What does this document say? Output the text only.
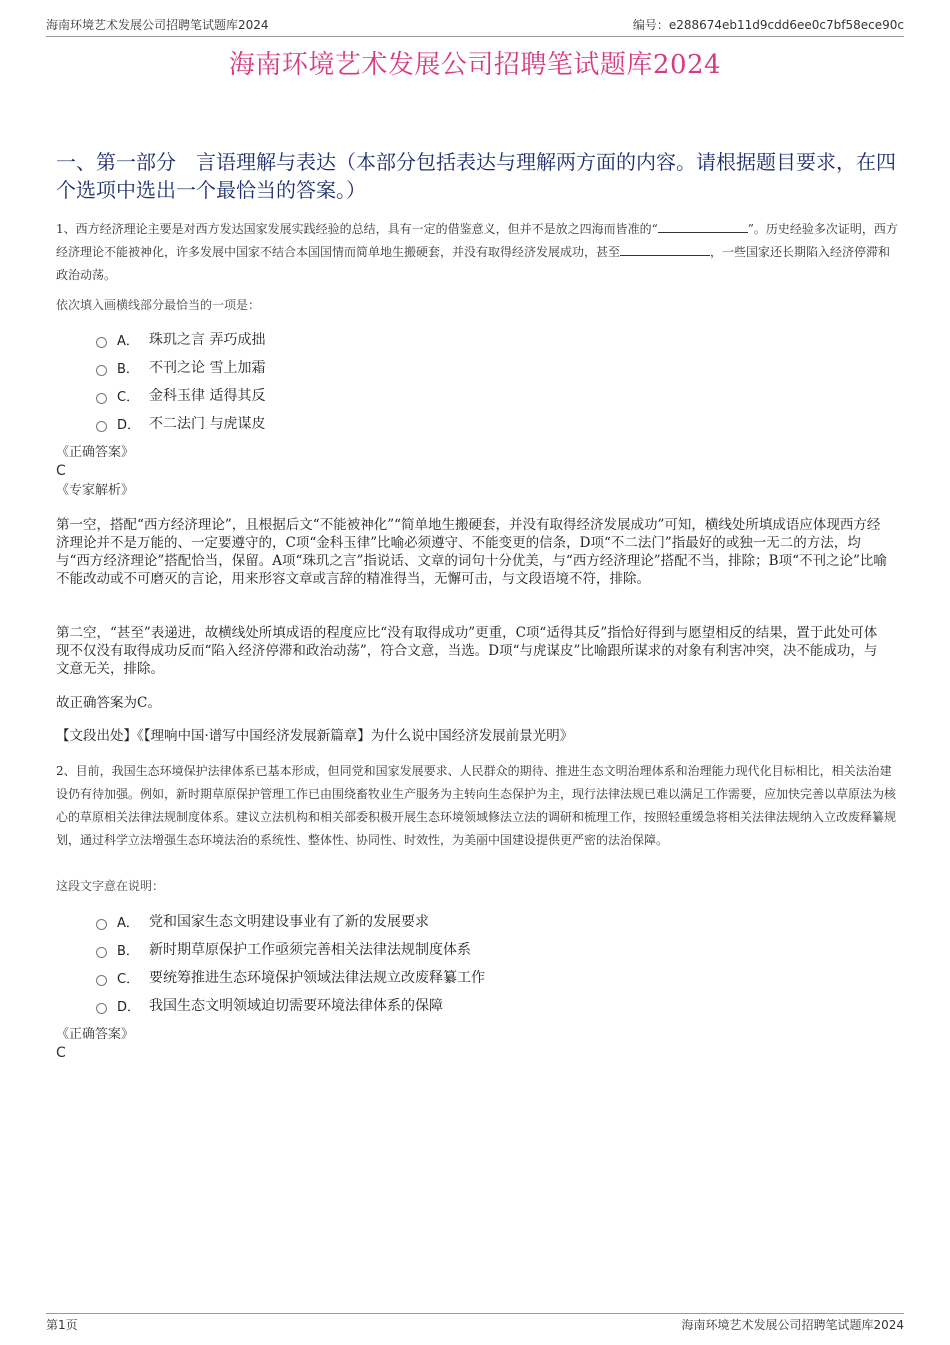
海南环境艺术发展公司招聘笔试题库2024	编号：e288674eb11d9cdd6ee0c7bf58ece90c
海南环境艺术发展公司招聘笔试题库2024
一、第一部分　言语理解与表达（本部分包括表达与理解两方面的内容。请根据题目要求，在四个选项中选出一个最恰当的答案。）
1、西方经济理论主要是对西方发达国家发展实践经验的总结，具有一定的借鉴意义，但并不是放之四海而皆准的“	”。历史经验多次证明，西方经济理论不能被神化，许多发展中国家不结合本国国情而简单地生搬硬套，并没有取得经济发展成功，甚至	，一些国家还长期陷入经济停滞和政治动荡。
依次填入画横线部分最恰当的一项是：
A． 珠玑之言 弄巧成拙
B． 不刊之论 雪上加霜
C． 金科玉律 适得其反
D． 不二法门 与虎谋皮
《正确答案》
C
《专家解析》
第一空，搭配“西方经济理论”，且根据后文“不能被神化”“简单地生搬硬套，并没有取得经济发展成功”可知，横线处所填成语应体现西方经济理论并不是万能的、一定要遵守的，C项“金科玉律”比喻必须遵守、不能变更的信条，D项“不二法门”指最好的或独一无二的方法，均与“西方经济理论”搭配恰当，保留。A项“珠玑之言”指说话、文章的词句十分优美，与“西方经济理论”搭配不当，排除；B项“不刊之论”比喻不能改动或不可磨灭的言论，用来形容文章或言辞的精准得当，无懈可击，与文段语境不符，排除。
第二空，“甚至”表递进，故横线处所填成语的程度应比“没有取得成功”更重，C项“适得其反”指恰好得到与愿望相反的结果，置于此处可体现不仅没有取得成功反而“陷入经济停滞和政治动荡”，符合文意，当选。D项“与虎谋皮”比喻跟所谋求的对象有利害冲突，决不能成功，与文意无关，排除。
故正确答案为C。
【文段出处】《【理响中国·谱写中国经济发展新篇章】为什么说中国经济发展前景光明》
2、目前，我国生态环境保护法律体系已基本形成，但同党和国家发展要求、人民群众的期待、推进生态文明治理体系和治理能力现代化目标相比，相关法治建设仍有待加强。例如，新时期草原保护管理工作已由围绕畜牧业生产服务为主转向生态保护为主，现行法律法规已难以满足工作需要，应加快完善以草原法为核心的草原相关法律法规制度体系。建议立法机构和相关部委积极开展生态环境领域修法立法的调研和梳理工作，按照轻重缓急将相关法律法规纳入立改废释纂规划，通过科学立法增强生态环境法治的系统性、整体性、协同性、时效性，为美丽中国建设提供更严密的法治保障。
这段文字意在说明：
A． 党和国家生态文明建设事业有了新的发展要求
B． 新时期草原保护工作亟须完善相关法律法规制度体系
C． 要统筹推进生态环境保护领域法律法规立改废释纂工作
D． 我国生态文明领域迫切需要环境法律体系的保障
《正确答案》
C
第1页	海南环境艺术发展公司招聘笔试题库2024
